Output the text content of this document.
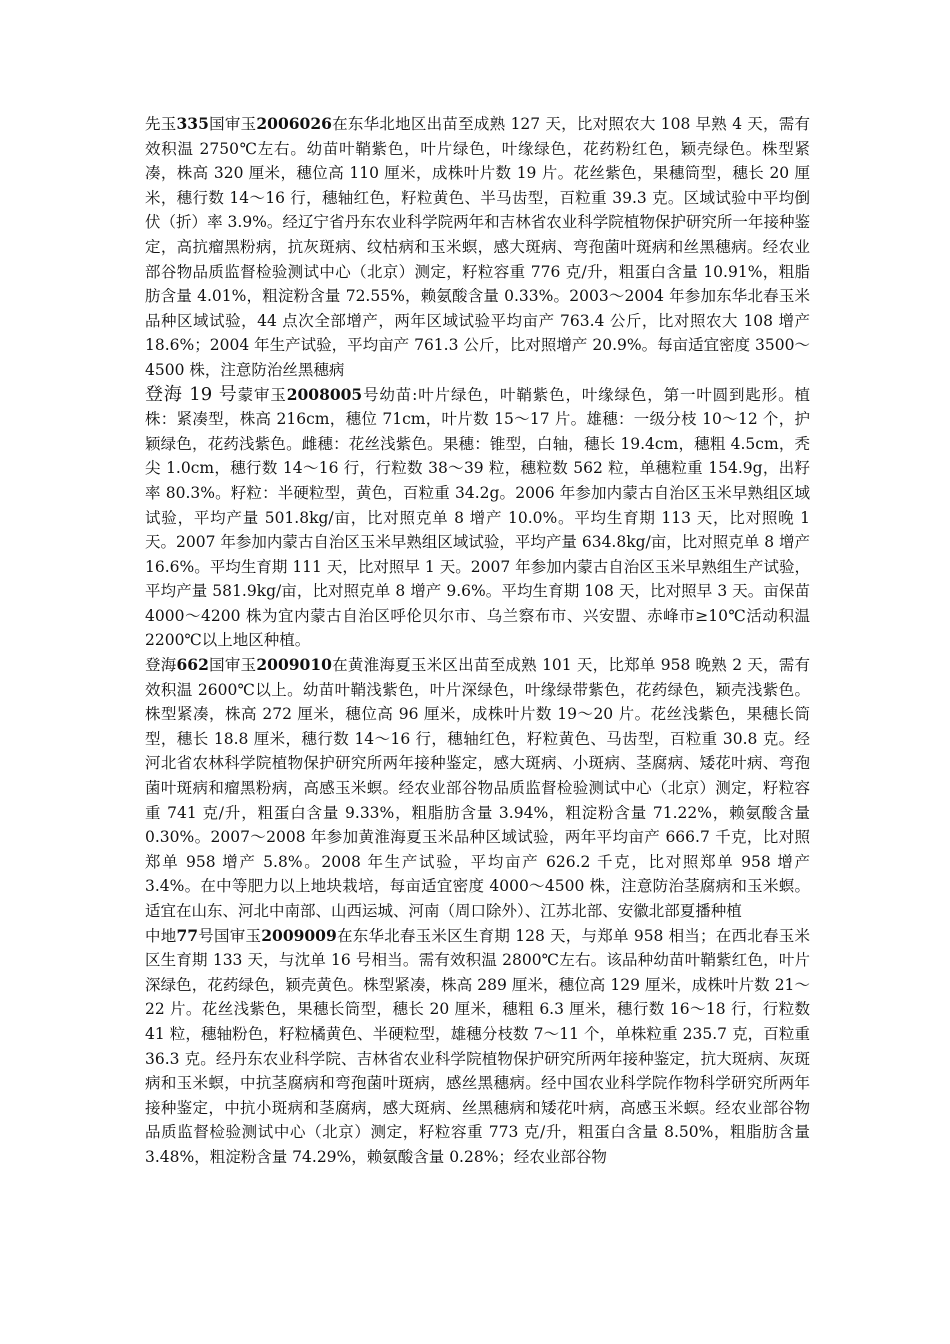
先玉335国审玉2006026在东华北地区出苗至成熟 127 天，比对照农大 108 早熟 4 天，需有效积温 2750℃左右。幼苗叶鞘紫色，叶片绿色，叶缘绿色，花药粉红色，颖壳绿色。株型紧凑，株高 320 厘米，穗位高 110 厘米，成株叶片数 19 片。花丝紫色，果穗筒型，穗长 20 厘米，穗行数 14～16 行，穗轴红色，籽粒黄色、半马齿型，百粒重 39.3 克。区域试验中平均倒伏（折）率 3.9%。经辽宁省丹东农业科学院两年和吉林省农业科学院植物保护研究所一年接种鉴定，高抗瘤黑粉病，抗灰斑病、纹枯病和玉米螟，感大斑病、弯孢菌叶斑病和丝黑穗病。经农业部谷物品质监督检验测试中心（北京）测定，籽粒容重 776 克/升，粗蛋白含量 10.91%，粗脂肪含量 4.01%，粗淀粉含量 72.55%，赖氨酸含量 0.33%。2003～2004 年参加东华北春玉米品种区域试验，44 点次全部增产，两年区域试验平均亩产 763.4 公斤，比对照农大 108 增产 18.6%；2004 年生产试验，平均亩产 761.3 公斤，比对照增产 20.9%。每亩适宜密度 3500～4500 株，注意防治丝黑穗病

登海 19 号蒙审玉2008005号幼苗:叶片绿色，叶鞘紫色，叶缘绿色，第一叶圆到匙形。植株：紧凑型，株高 216cm，穗位 71cm，叶片数 15～17 片。雄穗：一级分枝 10～12 个，护颖绿色，花药浅紫色。雌穗：花丝浅紫色。果穗：锥型，白轴，穗长 19.4cm，穗粗 4.5cm，秃尖 1.0cm，穗行数 14～16 行，行粒数 38～39 粒，穗粒数 562 粒，单穗粒重 154.9g，出籽率 80.3%。籽粒：半硬粒型，黄色，百粒重 34.2g。2006 年参加内蒙古自治区玉米早熟组区域试验，平均产量 501.8kg/亩，比对照克单 8 增产 10.0%。平均生育期 113 天，比对照晚 1 天。2007 年参加内蒙古自治区玉米早熟组区域试验，平均产量 634.8kg/亩，比对照克单 8 增产 16.6%。平均生育期 111 天，比对照早 1 天。2007 年参加内蒙古自治区玉米早熟组生产试验，平均产量 581.9kg/亩，比对照克单 8 增产 9.6%。平均生育期 108 天，比对照早 3 天。亩保苗 4000～4200 株为宜内蒙古自治区呼伦贝尔市、乌兰察布市、兴安盟、赤峰市≥10℃活动积温 2200℃以上地区种植。

登海662国审玉2009010在黄淮海夏玉米区出苗至成熟 101 天，比郑单 958 晚熟 2 天，需有效积温 2600℃以上。幼苗叶鞘浅紫色，叶片深绿色，叶缘绿带紫色，花药绿色，颖壳浅紫色。株型紧凑，株高 272 厘米，穗位高 96 厘米，成株叶片数 19～20 片。花丝浅紫色，果穗长筒型，穗长 18.8 厘米，穗行数 14～16 行，穗轴红色，籽粒黄色、马齿型，百粒重 30.8 克。经河北省农林科学院植物保护研究所两年接种鉴定，感大斑病、小斑病、茎腐病、矮花叶病、弯孢菌叶斑病和瘤黑粉病，高感玉米螟。经农业部谷物品质监督检验测试中心（北京）测定，籽粒容重 741 克/升，粗蛋白含量 9.33%，粗脂肪含量 3.94%，粗淀粉含量 71.22%，赖氨酸含量 0.30%。2007～2008 年参加黄淮海夏玉米品种区域试验，两年平均亩产 666.7 千克，比对照郑单 958 增产 5.8%。2008 年生产试验，平均亩产 626.2 千克，比对照郑单 958 增产 3.4%。在中等肥力以上地块栽培，每亩适宜密度 4000～4500 株，注意防治茎腐病和玉米螟。适宜在山东、河北中南部、山西运城、河南（周口除外）、江苏北部、安徽北部夏播种植

中地77号国审玉2009009在东华北春玉米区生育期 128 天，与郑单 958 相当；在西北春玉米区生育期 133 天，与沈单 16 号相当。需有效积温 2800℃左右。该品种幼苗叶鞘紫红色，叶片深绿色，花药绿色，颖壳黄色。株型紧凑，株高 289 厘米，穗位高 129 厘米，成株叶片数 21～22 片。花丝浅紫色，果穗长筒型，穗长 20 厘米，穗粗 6.3 厘米，穗行数 16～18 行，行粒数 41 粒，穗轴粉色，籽粒橘黄色、半硬粒型，雄穗分枝数 7～11 个，单株粒重 235.7 克，百粒重 36.3 克。经丹东农业科学院、吉林省农业科学院植物保护研究所两年接种鉴定，抗大斑病、灰斑病和玉米螟，中抗茎腐病和弯孢菌叶斑病，感丝黑穗病。经中国农业科学院作物科学研究所两年接种鉴定，中抗小斑病和茎腐病，感大斑病、丝黑穗病和矮花叶病，高感玉米螟。经农业部谷物品质监督检验测试中心（北京）测定，籽粒容重 773 克/升，粗蛋白含量 8.50%，粗脂肪含量 3.48%，粗淀粉含量 74.29%，赖氨酸含量 0.28%；经农业部谷物
